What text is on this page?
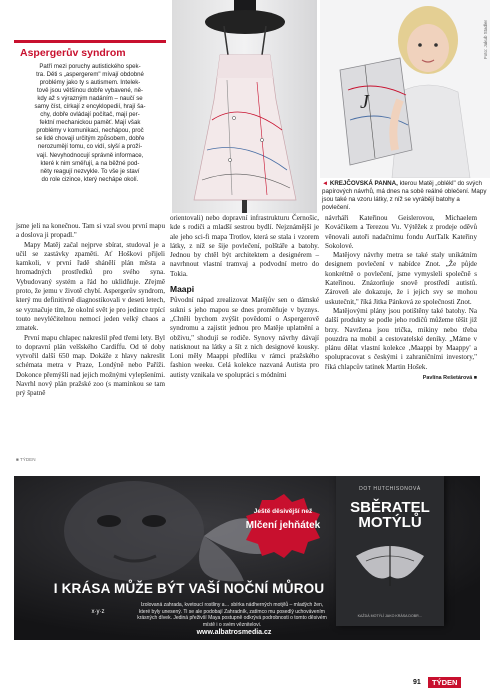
Aspergerův syndrom

Patří mezi poruchy autistického spek-
tra. Děti s „aspergerem" mívají obdobné
problémy jako ty s autismem. Intelek-
tově jsou většinou dobře vybavené, ně-
kdy až s výrazným nadáním – naučí se
samy číst, církají z encyklopedií, hrají ša-
chy, dobře ovládají počítač, mají per-
fektní mechanickou paměť. Mají však
problémy v komunikaci, nechápou, proč
se lidé chovají určitým způsobem, dobře
nerozumějí tomu, co vidí, slyší a proží-
vají. Nevyhodnocují správně informace,
které k nim směřují, a na běžné pod-
něty reagují nezvykle. To vše je staví
do role cizince, který nechápe okolí.

J
Foto: Jakub Stadler
◄ KREJČOVSKÁ PANNA, kterou Matěj „oblékl" do svých papírových návrhů, má dnes na sobě reálné oblečení. Mapy jsou také na vzoru látky, z níž se vyrábějí batohy a povlečení.

jsme jeli na konečnou. Tam si vzal svou první mapu a doslova ji propadl."

Mapy Matěj začal nejprve sbírat, studoval je a učil se zastávky zpaměti. Ať Hoškovi přijeli kamkoli, v první řadě shánělí plán města a hromadných prostředků pro svého syna. Vybudovaný systém a řád ho uklidňuje. Zřejmě proto, že jemu v životě chybí. Aspergerův syndrom, který mu definitivně diagnostikovali v deseti letech, se vyznačuje tím, že okolní svět je pro jedince trpící touto nevyléčitelnou nemocí jeden velký chaos a zmatek.

První mapu chlapec nakreslil před třemi lety. Byl to dopravní plán velšského Cardiffu. Od té doby vytvořil další 650 map. Dokáže z hlavy nakreslit schémata metra v Praze, Londýně nebo Paříži. Dokonce přemýšlí nad jejich možnými vylepšeními. Navrhl nový plán pražské zoo (s maminkou se tam prý špatně

orientovali) nebo dopravní infrastrukturu Černošic, kde s rodiči a mladší sestrou bydlí. Nejznámější je ale jeho sci-fi mapa Trotlov, která se stala i vzorem látky, z níž se šije povlečení, polštáře a batohy. Jednou by chtěl být architektem a designérem – navrhnout vlastní tramvaj a podvodní metro do Tokia.

Maapi

Původní nápad zrealizovat Matějův sen o dámské sukni s jeho mapou se dnes proměňuje v byznys. „Chtěli bychom zvýšit povědomí o Aspergerově syndromu a zajistit jednou pro Matěje uplatnění a obživu," shodují se rodiče. Synovy návrhy dávají natisknout na látky a šít z nich designové kousky. Loni měly Maappi předlíku v rámci pražského fashion weeku. Celá kolekce nazvaná Autista pro autisty vznikala ve spolupráci s módními

návrháři Kateřinou Geislerovou, Michaelem Kováčikem a Terezou Vu. Výtěžek z prodeje oděvů věnovali autoři nadačnímu fondu AutTalk Kateřiny Sokolové.

Matějovy návrhy metra se také staly unikátním designem povlečení v nabídce Znot. „Že půjde konkrétně o povlečení, jsme vymysleli společně s Kateřinou. Znázorňuje snově prostředí autistů. Zároveň ale dokazuje, že i jejich svy se mohou uskutečnit," říká Jitka Pánková ze společnosti Znot.

Matějovými plány jsou potištěny také batohy. Na další produkty se podle jeho rodičů můžeme těšit již brzy. Navržena jsou trička, mikiny nebo třeba pouzdra na mobil a cestovatelské deníky. „Máme v plánu dělat vlastní kolekce ‚Maappi by Maappy' a spolupracovat s českými i zahraničními investory," říká chlapcův tatínek Martin Hošek.

Pavlína Rešetárová ■

■ TÝDEN
Ještě děsivější než
Mlčení jehňátek
DOT HUTCHISONOVÁ
SBĚRATEL MOTÝLŮ
KAŽDÁ MOTÝLÍ JAKO KRÁSA DOBR…
I KRÁSA MŮŽE BÝT VAŠÍ NOČNÍ MŮROU
x·y·z
Izolovaná zahrada, kvetoucí rostliny a… sbírka nádherných motýlů – mladých žen, které byly unesený. Ti se ale podobají Zahradník, zatímco mu posedlý uchovávením krásných dívek. Jediná přeživší Maya postupně odkrývá podrobnosti o tomto děsivém místě i o svém věznitelovi.
www.albatrosmedia.cz
91	TÝDEN
